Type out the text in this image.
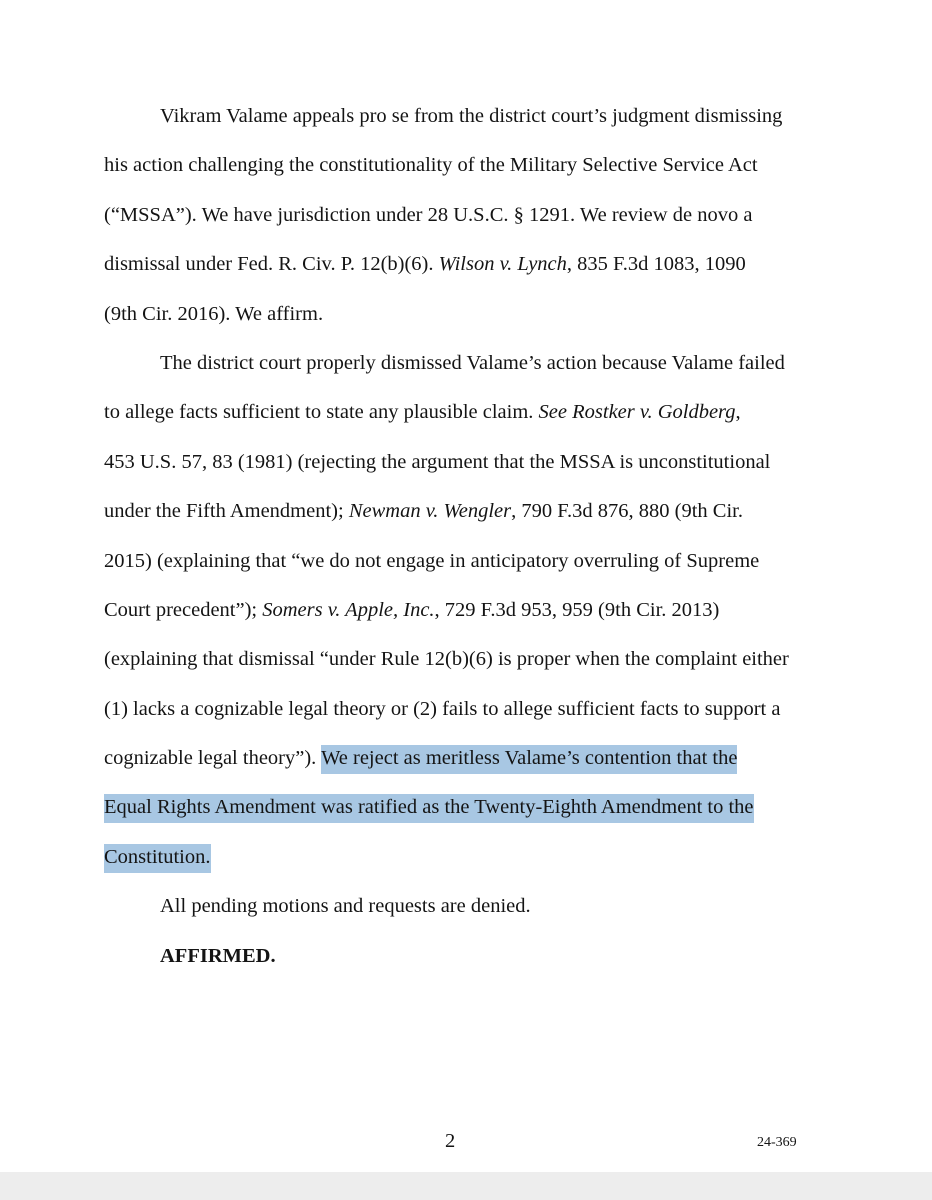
Vikram Valame appeals pro se from the district court’s judgment dismissing
his action challenging the constitutionality of the Military Selective Service Act
(“MSSA”). We have jurisdiction under 28 U.S.C. § 1291. We review de novo a
dismissal under Fed. R. Civ. P. 12(b)(6). Wilson v. Lynch, 835 F.3d 1083, 1090
(9th Cir. 2016). We affirm.
The district court properly dismissed Valame’s action because Valame failed
to allege facts sufficient to state any plausible claim. See Rostker v. Goldberg,
453 U.S. 57, 83 (1981) (rejecting the argument that the MSSA is unconstitutional
under the Fifth Amendment); Newman v. Wengler, 790 F.3d 876, 880 (9th Cir.
2015) (explaining that “we do not engage in anticipatory overruling of Supreme
Court precedent”); Somers v. Apple, Inc., 729 F.3d 953, 959 (9th Cir. 2013)
(explaining that dismissal “under Rule 12(b)(6) is proper when the complaint either
(1) lacks a cognizable legal theory or (2) fails to allege sufficient facts to support a
cognizable legal theory”). We reject as meritless Valame’s contention that the
Equal Rights Amendment was ratified as the Twenty-Eighth Amendment to the
Constitution.
All pending motions and requests are denied.
AFFIRMED.
2	24-369
